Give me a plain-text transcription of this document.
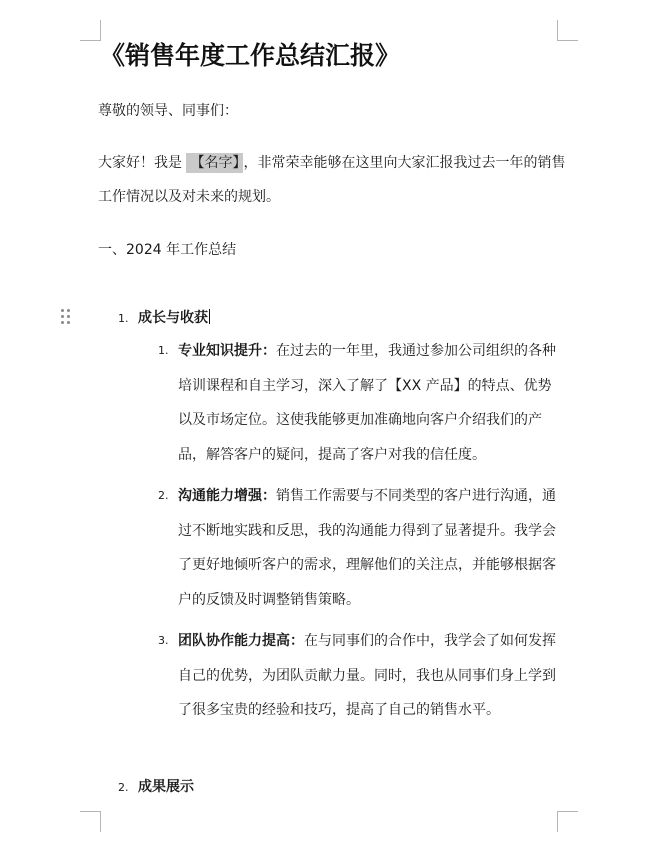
《销售年度工作总结汇报》

尊敬的领导、同事们：

大家好！我是 【名字】 ，非常荣幸能够在这里向大家汇报我过去一年的销售工作情况以及对未来的规划。

一、2024 年工作总结

1. 成长与收获
1. 专业知识提升：在过去的一年里，我通过参加公司组织的各种培训课程和自主学习，深入了解了【XX 产品】的特点、优势以及市场定位。这使我能够更加准确地向客户介绍我们的产品，解答客户的疑问，提高了客户对我的信任度。
2. 沟通能力增强：销售工作需要与不同类型的客户进行沟通，通过不断地实践和反思，我的沟通能力得到了显著提升。我学会了更好地倾听客户的需求，理解他们的关注点，并能够根据客户的反馈及时调整销售策略。
3. 团队协作能力提高：在与同事们的合作中，我学会了如何发挥自己的优势，为团队贡献力量。同时，我也从同事们身上学到了很多宝贵的经验和技巧，提高了自己的销售水平。
2. 成果展示
